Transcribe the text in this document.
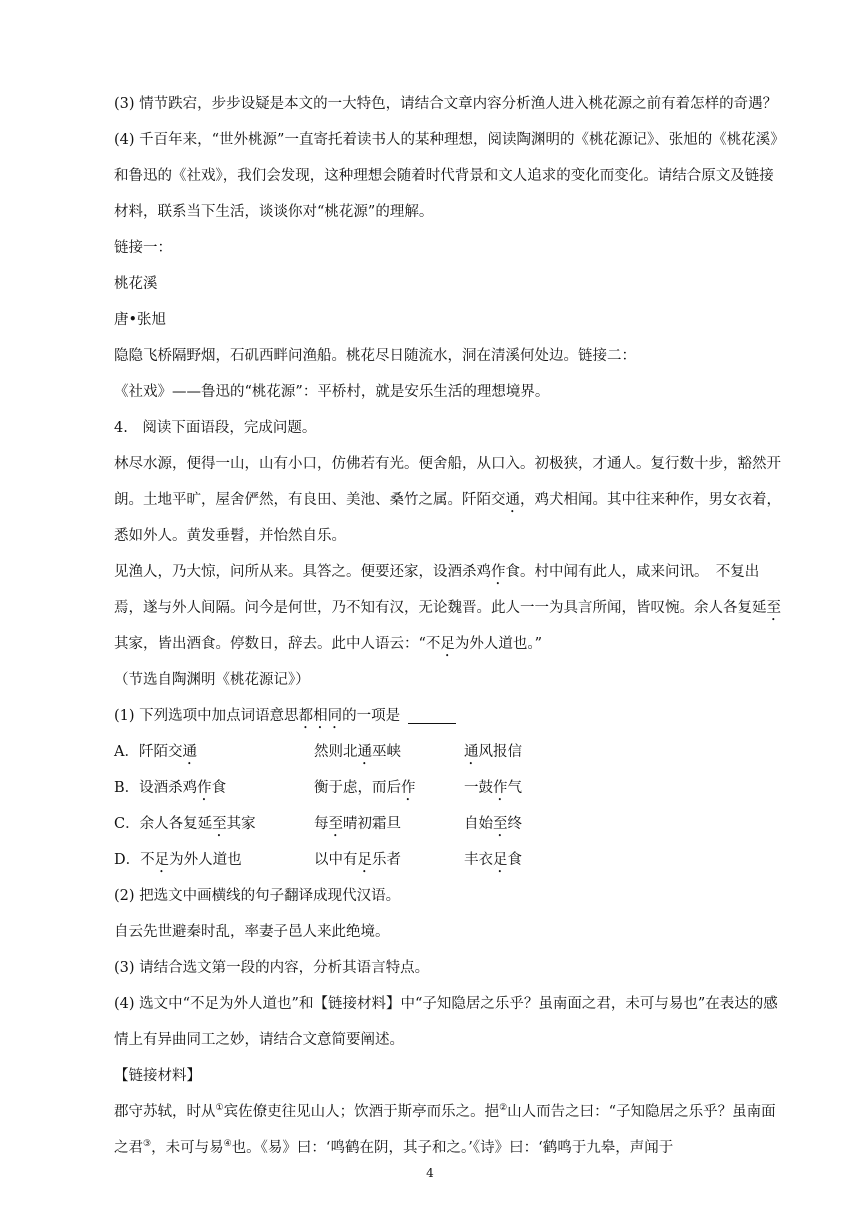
(3) 情节跌宕，步步设疑是本文的一大特色，请结合文章内容分析渔人进入桃花源之前有着怎样的奇遇？

(4) 千百年来，“世外桃源”一直寄托着读书人的某种理想，阅读陶渊明的《桃花源记》、张旭的《桃花溪》和鲁迅的《社戏》，我们会发现，这种理想会随着时代背景和文人追求的变化而变化。请结合原文及链接材料，联系当下生活，谈谈你对“桃花源”的理解。

链接一：

桃花溪

唐•张旭

隐隐飞桥隔野烟，石矶西畔问渔船。桃花尽日随流水，洞在清溪何处边。链接二：

《社戏》——鲁迅的“桃花源”：平桥村，就是安乐生活的理想境界。

4.　阅读下面语段，完成问题。

林尽水源，便得一山，山有小口，仿佛若有光。便舍船，从口入。初极狭，才通人。复行数十步，豁然开朗。土地平旷，屋舍俨然，有良田、美池、桑竹之属。阡陌交通，鸡犬相闻。其中往来种作，男女衣着，悉如外人。黄发垂髫，并怡然自乐。

见渔人，乃大惊，问所从来。具答之。便要还家，设酒杀鸡作食。村中闻有此人，咸来问讯。　 不复出焉，遂与外人间隔。问今是何世，乃不知有汉，无论魏晋。此人一一为具言所闻，皆叹惋。余人各复延至其家，皆出酒食。停数日，辞去。此中人语云：“不足为外人道也。”

（节选自陶渊明《桃花源记》）

(1) 下列选项中加点词语意思都相同的一项是

A．阡陌交通	然则北通巫峡	通风报信
B．设酒杀鸡作食	衡于虑，而后作	一鼓作气
C．余人各复延至其家	每至晴初霜旦	自始至终
D．不足为外人道也	以中有足乐者	丰衣足食

(2) 把选文中画横线的句子翻译成现代汉语。

自云先世避秦时乱，率妻子邑人来此绝境。

(3) 请结合选文第一段的内容，分析其语言特点。

(4) 选文中“不足为外人道也”和【链接材料】中“子知隐居之乐乎？虽南面之君，未可与易也”在表达的感情上有异曲同工之妙，请结合文意简要阐述。

【链接材料】

郡守苏轼，时从①宾佐僚吏往见山人；饮酒于斯亭而乐之。挹②山人而告之曰：“子知隐居之乐乎？虽南面之君③，未可与易④也。《易》曰：‘鸣鹤在阴，其子和之。’《诗》曰：‘鹤鸣于九皋，声闻于

4
